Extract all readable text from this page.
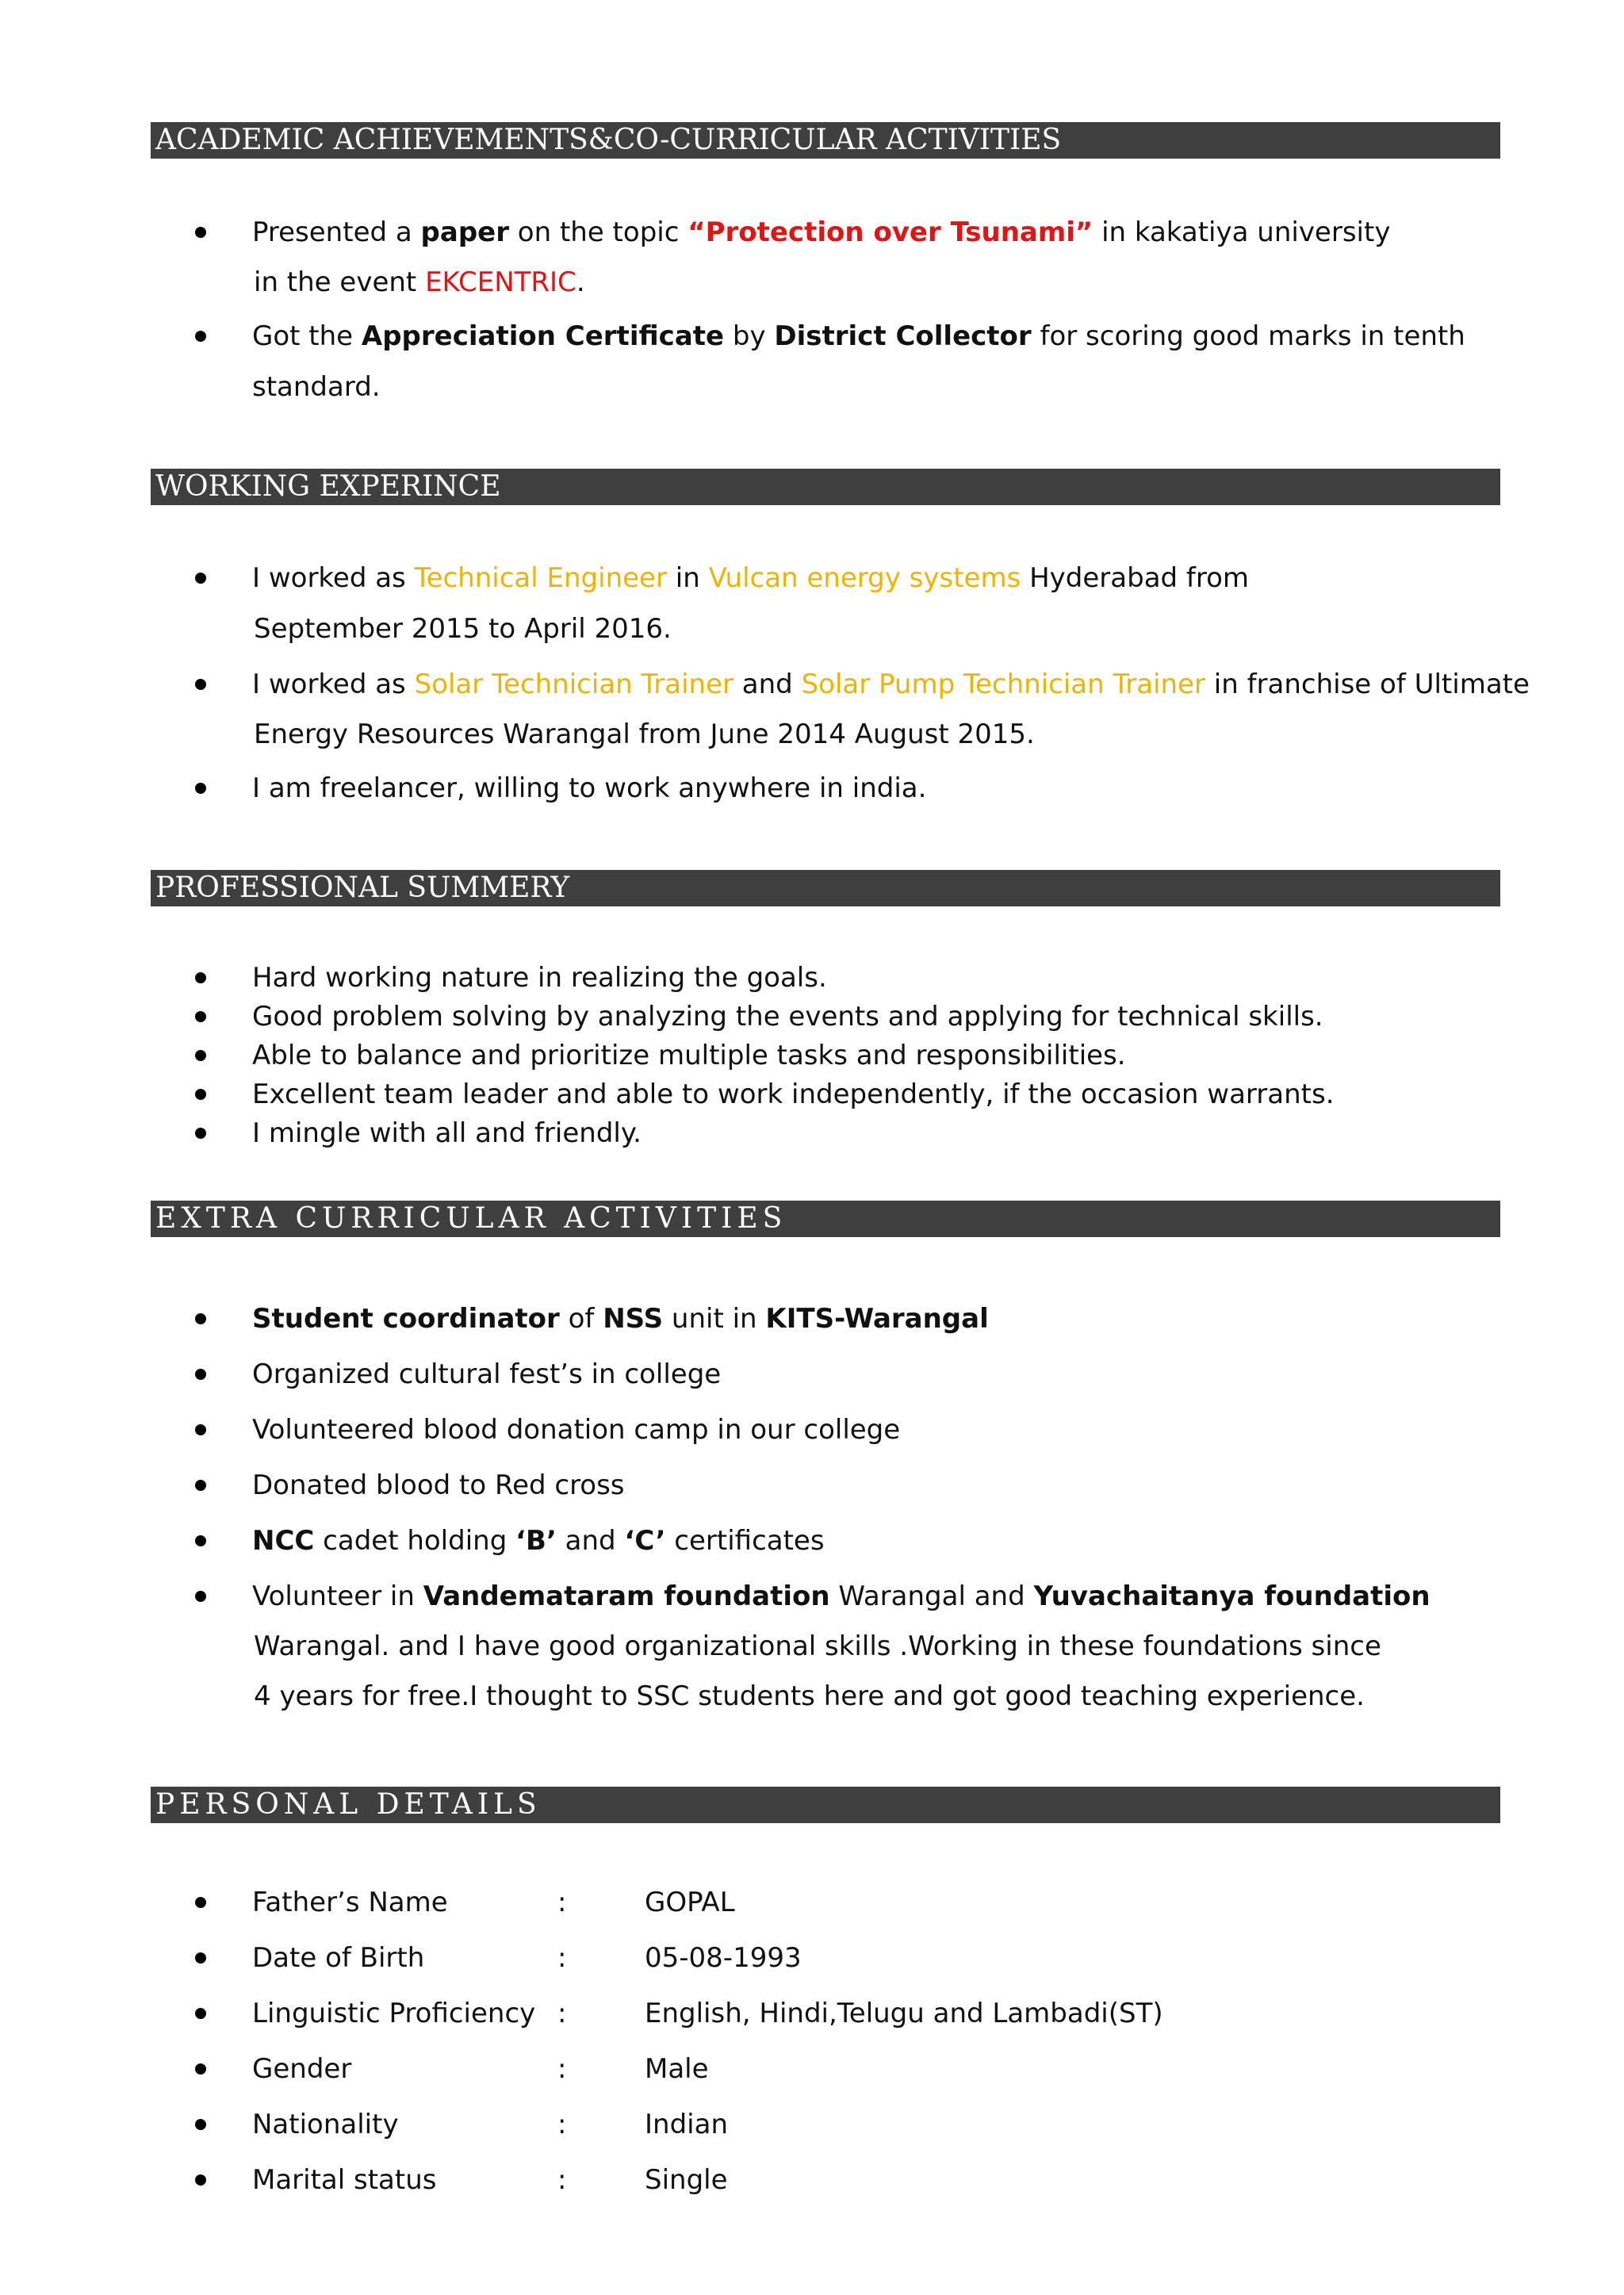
ACADEMIC ACHIEVEMENTS&CO-CURRICULAR ACTIVITIES
Presented a paper on the topic “Protection over Tsunami” in kakatiya university
in the event EKCENTRIC.
Got the Appreciation Certificate by District Collector for scoring good marks in tenth
standard.
WORKING EXPERINCE
I worked as Technical Engineer in Vulcan energy systems Hyderabad from
September 2015 to April 2016.
I worked as Solar Technician Trainer and Solar Pump Technician Trainer in franchise of Ultimate
Energy Resources Warangal from June 2014 August 2015.
I am freelancer, willing to work anywhere in india.
PROFESSIONAL SUMMERY
Hard working nature in realizing the goals.
Good problem solving by analyzing the events and applying for technical skills.
Able to balance and prioritize multiple tasks and responsibilities.
Excellent team leader and able to work independently, if the occasion warrants.
I mingle with all and friendly.
EXTRA CURRICULAR ACTIVITIES
Student coordinator of NSS unit in KITS-Warangal
Organized cultural fest’s in college
Volunteered blood donation camp in our college
Donated blood to Red cross
NCC cadet holding ‘B’ and ‘C’ certificates
Volunteer in Vandemataram foundation Warangal and Yuvachaitanya foundation
Warangal. and I have good organizational skills .Working in these foundations since
4 years for free.I thought to SSC students here and got good teaching experience.
PERSONAL DETAILS
Father’s Name	:	GOPAL
Date of Birth	:	05-08-1993
Linguistic Proficiency :	English, Hindi,Telugu and Lambadi(ST)
Gender	:	Male
Nationality	:	Indian
Marital status	:	Single
